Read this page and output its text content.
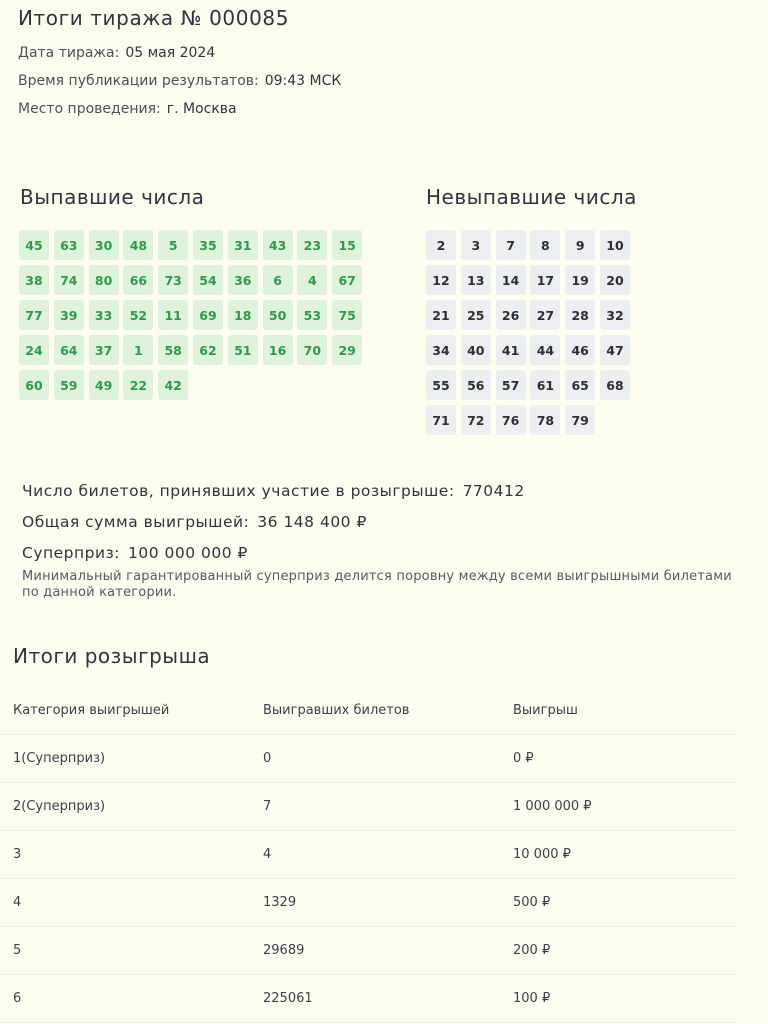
Итоги тиража № 000085
Дата тиража: 05 мая 2024
Время публикации результатов: 09:43 МСК
Место проведения: г. Москва
Выпавшие числа	Невыпавшие числа
45	63	30	48	5	35	31	43	23	15
38	74	80	66	73	54	36	6	4	67
77	39	33	52	11	69	18	50	53	75
24	64	37	1	58	62	51	16	70	29
60	59	49	22	42
2	3	7	8	9	10
12	13	14	17	19	20
21	25	26	27	28	32
34	40	41	44	46	47
55	56	57	61	65	68
71	72	76	78	79
Число билетов, принявших участие в розыгрыше: 770412
Общая сумма выигрышей: 36 148 400 ₽
Суперприз: 100 000 000 ₽
Минимальный гарантированный суперприз делится поровну между всеми выигрышными билетами по данной категории.
Итоги розыгрыша
Категория выигрышей	Выигравших билетов	Выигрыш
1(Суперприз)	0	0 ₽
2(Суперприз)	7	1 000 000 ₽
3	4	10 000 ₽
4	1329	500 ₽
5	29689	200 ₽
6	225061	100 ₽
